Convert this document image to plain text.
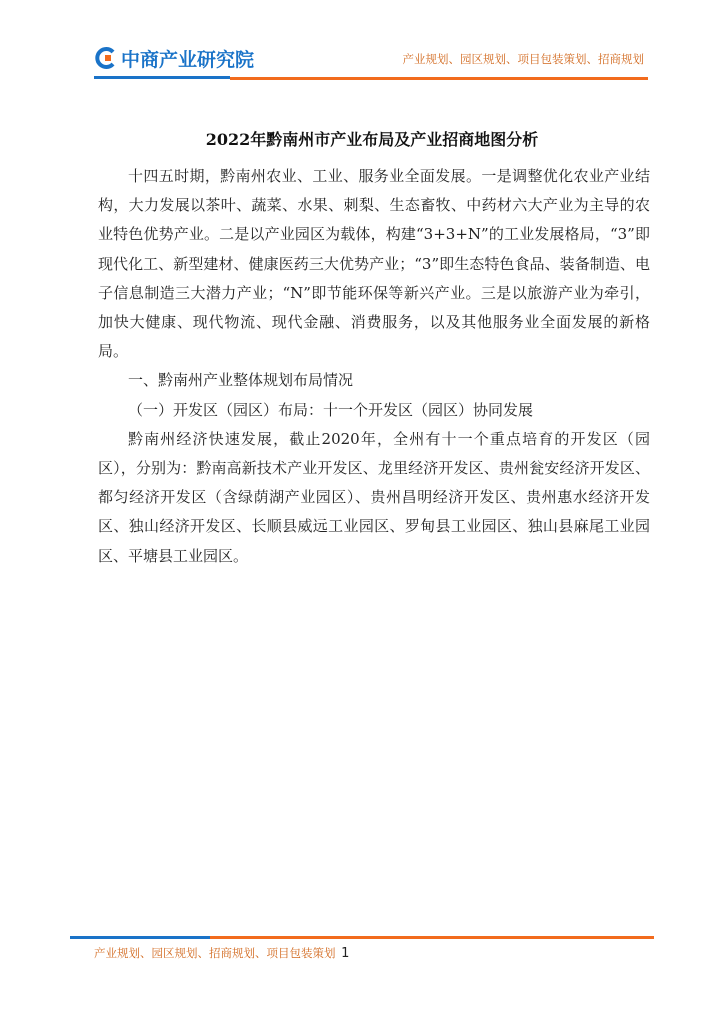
中商产业研究院	产业规划、园区规划、项目包装策划、招商规划
2022年黔南州市产业布局及产业招商地图分析

十四五时期，黔南州农业、工业、服务业全面发展。一是调整优化农业产业结构，大力发展以茶叶、蔬菜、水果、刺梨、生态畜牧、中药材六大产业为主导的农业特色优势产业。二是以产业园区为载体，构建“3+3+N”的工业发展格局，“3”即现代化工、新型建材、健康医药三大优势产业；“3”即生态特色食品、装备制造、电子信息制造三大潜力产业；“N”即节能环保等新兴产业。三是以旅游产业为牵引，加快大健康、现代物流、现代金融、消费服务，以及其他服务业全面发展的新格局。

一、黔南州产业整体规划布局情况

（一）开发区（园区）布局：十一个开发区（园区）协同发展

黔南州经济快速发展，截止2020年，全州有十一个重点培育的开发区（园区），分别为：黔南高新技术产业开发区、龙里经济开发区、贵州瓮安经济开发区、都匀经济开发区（含绿荫湖产业园区）、贵州昌明经济开发区、贵州惠水经济开发区、独山经济开发区、长顺县威远工业园区、罗甸县工业园区、独山县麻尾工业园区、平塘县工业园区。

产业规划、园区规划、招商规划、项目包装策划 1
